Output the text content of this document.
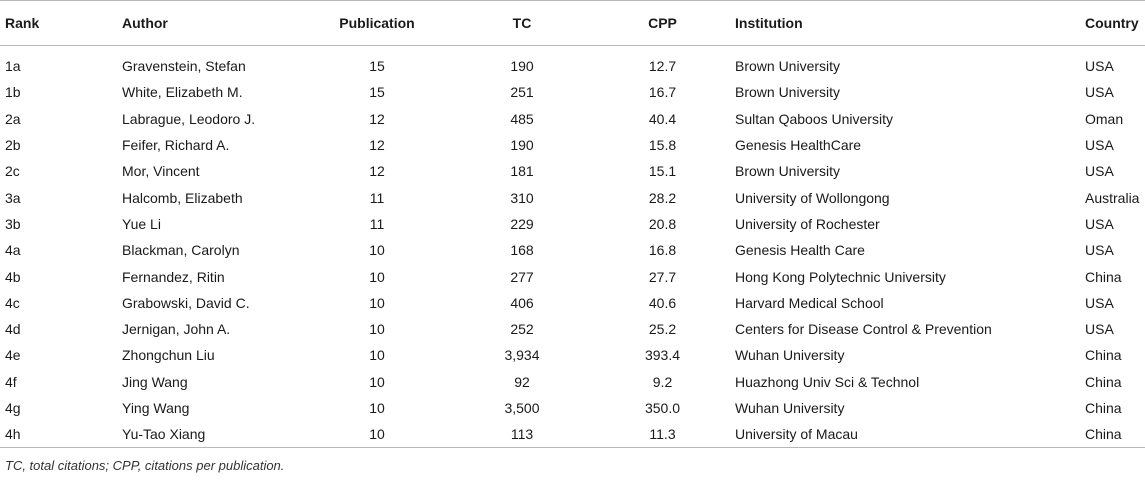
Rank	Author	Publication	TC	CPP	Institution	Country

1a	Gravenstein, Stefan	15	190	12.7	Brown University	USA
1b	White, Elizabeth M.	15	251	16.7	Brown University	USA
2a	Labrague, Leodoro J.	12	485	40.4	Sultan Qaboos University	Oman
2b	Feifer, Richard A.	12	190	15.8	Genesis HealthCare	USA
2c	Mor, Vincent	12	181	15.1	Brown University	USA
3a	Halcomb, Elizabeth	11	310	28.2	University of Wollongong	Australia
3b	Yue Li	11	229	20.8	University of Rochester	USA
4a	Blackman, Carolyn	10	168	16.8	Genesis Health Care	USA
4b	Fernandez, Ritin	10	277	27.7	Hong Kong Polytechnic University	China
4c	Grabowski, David C.	10	406	40.6	Harvard Medical School	USA
4d	Jernigan, John A.	10	252	25.2	Centers for Disease Control & Prevention	USA
4e	Zhongchun Liu	10	3,934	393.4	Wuhan University	China
4f	Jing Wang	10	92	9.2	Huazhong Univ Sci & Technol	China
4g	Ying Wang	10	3,500	350.0	Wuhan University	China
4h	Yu-Tao Xiang	10	113	11.3	University of Macau	China
TC, total citations; CPP, citations per publication.
